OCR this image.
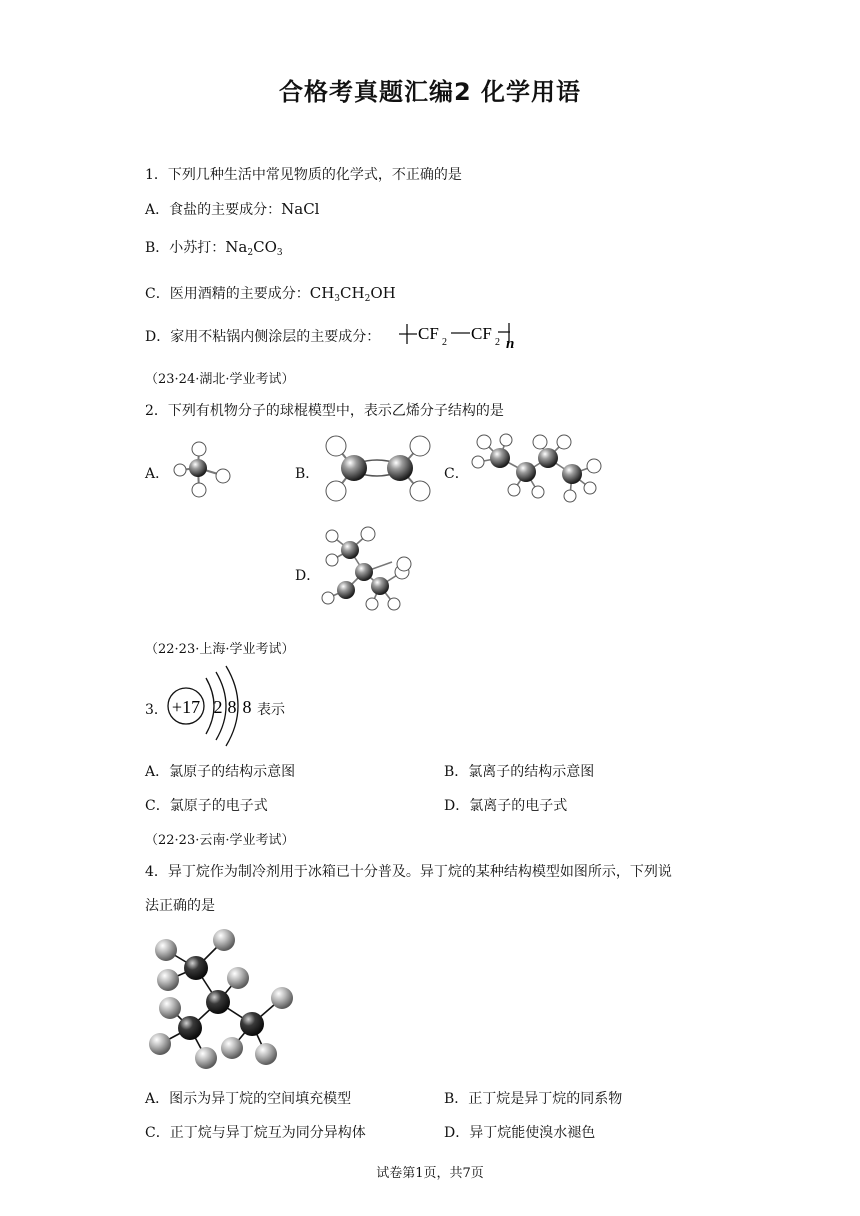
合格考真题汇编2 化学用语
1．下列几种生活中常见物质的化学式，不正确的是
A．食盐的主要成分：NaCl
B．小苏打：$Na_2CO_3$
C．医用酒精的主要成分：$CH_3CH_2OH$
D．家用不粘锅内侧涂层的主要成分： CF 2 CF 2 n
（23·24·湖北·学业考试）
2．下列有机物分子的球棍模型中，表示乙烯分子结构的是
A．	B．	C．
D．
（22·23·上海·学业考试）
3． +17 2 8 8 表示
A．氯原子的结构示意图	B．氯离子的结构示意图
C．氯原子的电子式	D．氯离子的电子式
（22·23·云南·学业考试）
4．异丁烷作为制冷剂用于冰箱已十分普及。异丁烷的某种结构模型如图所示，下列说
法正确的是
A．图示为异丁烷的空间填充模型	B．正丁烷是异丁烷的同系物
C．正丁烷与异丁烷互为同分异构体	D．异丁烷能使溴水褪色
试卷第1页，共7页
